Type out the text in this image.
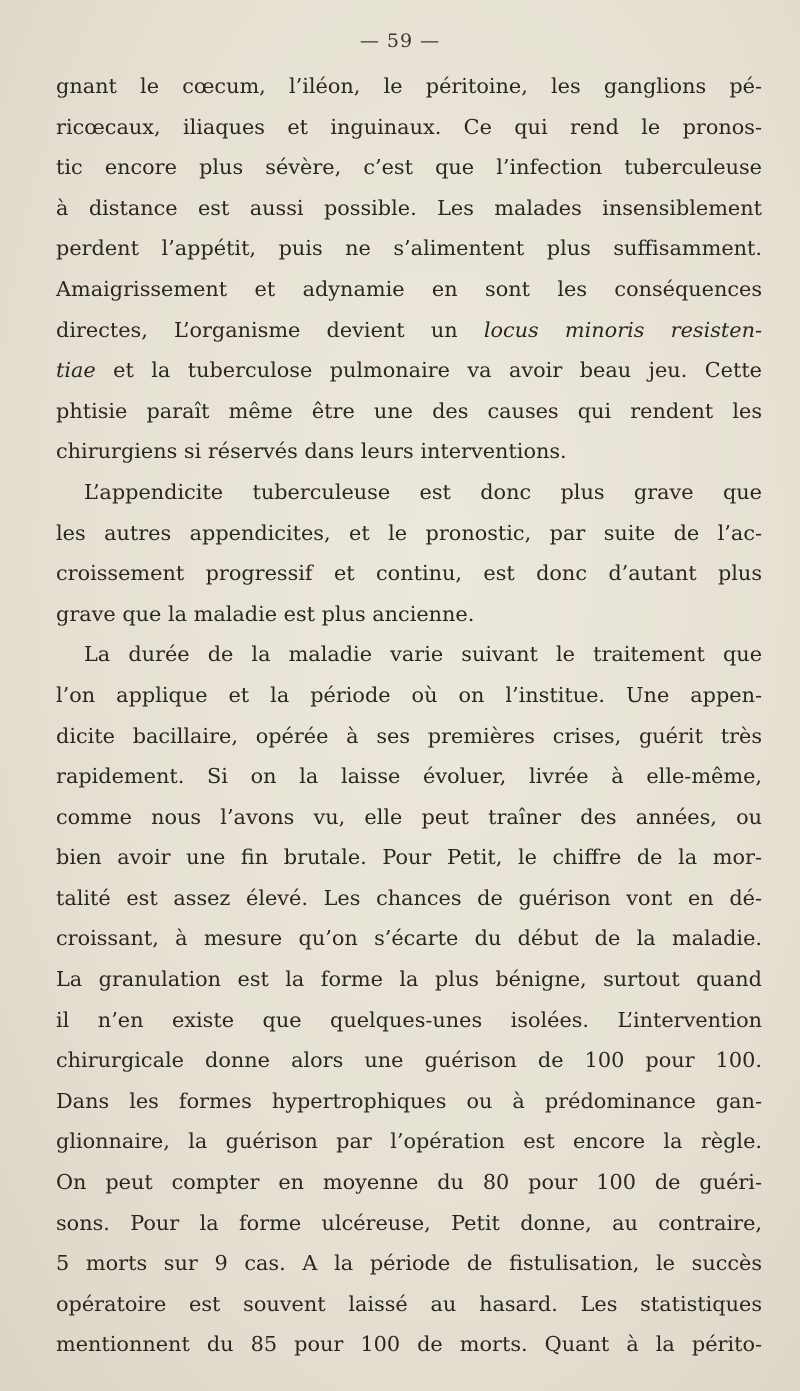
— 59 —
gnant le cœcum, l’iléon, le péritoine, les ganglions pé-
ricœcaux, iliaques et inguinaux. Ce qui rend le pronos-
tic encore plus sévère, c’est que l’infection tuberculeuse
à distance est aussi possible. Les malades insensiblement
perdent l’appétit, puis ne s’alimentent plus suffisamment.
Amaigrissement et adynamie en sont les conséquences
directes, L’organisme devient un locus minoris resisten-
tiae et la tuberculose pulmonaire va avoir beau jeu. Cette
phtisie paraît même être une des causes qui rendent les
chirurgiens si réservés dans leurs interventions.
L’appendicite tuberculeuse est donc plus grave que
les autres appendicites, et le pronostic, par suite de l’ac-
croissement progressif et continu, est donc d’autant plus
grave que la maladie est plus ancienne.
La durée de la maladie varie suivant le traitement que
l’on applique et la période où on l’institue. Une appen-
dicite bacillaire, opérée à ses premières crises, guérit très
rapidement. Si on la laisse évoluer, livrée à elle-même,
comme nous l’avons vu, elle peut traîner des années, ou
bien avoir une fin brutale. Pour Petit, le chiffre de la mor-
talité est assez élevé. Les chances de guérison vont en dé-
croissant, à mesure qu’on s’écarte du début de la maladie.
La granulation est la forme la plus bénigne, surtout quand
il n’en existe que quelques-unes isolées. L’intervention
chirurgicale donne alors une guérison de 100 pour 100.
Dans les formes hypertrophiques ou à prédominance gan-
glionnaire, la guérison par l’opération est encore la règle.
On peut compter en moyenne du 80 pour 100 de guéri-
sons. Pour la forme ulcéreuse, Petit donne, au contraire,
5 morts sur 9 cas. A la période de fistulisation, le succès
opératoire est souvent laissé au hasard. Les statistiques
mentionnent du 85 pour 100 de morts. Quant à la périto-
